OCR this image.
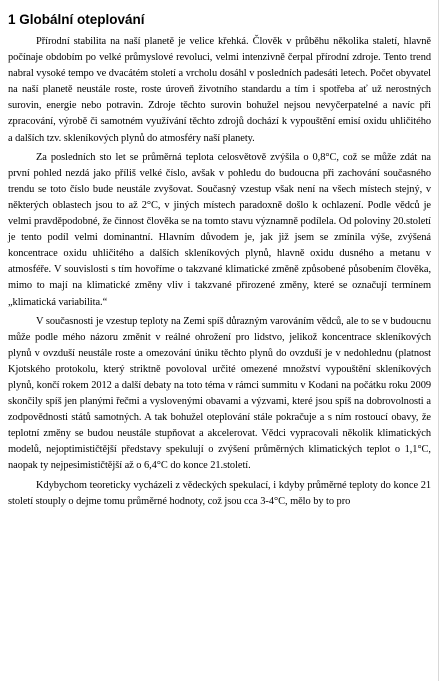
1 Globální oteplování

Přírodní stabilita na naší planetě je velice křehká. Člověk v průběhu několika staletí, hlavně počínaje obdobím po velké průmyslové revoluci, velmi intenzivně čerpal přírodní zdroje. Tento trend nabral vysoké tempo ve dvacátém století a vrcholu dosáhl v posledních padesáti letech. Počet obyvatel na naší planetě neustále roste, roste úroveň životního standardu a tím i spotřeba ať už nerostných surovin, energie nebo potravin. Zdroje těchto surovin bohužel nejsou nevyčerpatelné a navíc při zpracování, výrobě či samotném využívání těchto zdrojů dochází k vypouštění emisí oxidu uhličitého a dalších tzv. skleníkových plynů do atmosféry naší planety.

Za posledních sto let se průměrná teplota celosvětově zvýšila o 0,8°C, což se může zdát na první pohled nezdá jako příliš velké číslo, avšak v pohledu do budoucna při zachování současného trendu se toto číslo bude neustále zvyšovat. Současný vzestup však není na všech místech stejný, v některých oblastech jsou to až 2°C, v jiných místech paradoxně došlo k ochlazení. Podle vědců je velmi pravděpodobné, že činnost člověka se na tomto stavu významně podílela. Od poloviny 20.století je tento podíl velmi dominantní. Hlavním důvodem je, jak již jsem se zmínila výše, zvýšená koncentrace oxidu uhličitého a dalších skleníkových plynů, hlavně oxidu dusného a metanu v atmosféře. V souvislosti s tím hovoříme o takzvané klimatické změně způsobené působením člověka, mimo to mají na klimatické změny vliv i takzvané přirozené změny, které se označují termínem „klimatická variabilita.“

V současnosti je vzestup teploty na Zemi spíš důrazným varováním vědců, ale to se v budoucnu může podle mého názoru změnit v reálné ohrožení pro lidstvo, jelikož koncentrace skleníkových plynů v ovzduší neustále roste a omezování úniku těchto plynů do ovzduší je v nedohlednu (platnost Kjotského protokolu, který striktně povoloval určité omezené množství vypouštění skleníkových plynů, končí rokem 2012 a další debaty na toto téma v rámci summitu v Kodani na počátku roku 2009 skončily spíš jen planými řečmi a vyslovenými obavami a výzvami, které jsou spíš na dobrovolnosti a zodpovědnosti států samotných. A tak bohužel oteplování stále pokračuje a s ním rostoucí obavy, že teplotní změny se budou neustále stupňovat a akcelerovat. Vědci vypracovali několik klimatických modelů, nejoptimističtější představy spekulují o zvýšení průměrných klimatických teplot o 1,1°C, naopak ty nejpesimističtější až o 6,4°C do konce 21.století.

Kdybychom teoreticky vycházeli z vědeckých spekulací, i kdyby průměrné teploty do konce 21 století stouply o dejme tomu průměrné hodnoty, což jsou cca 3-4°C, mělo by to pro
